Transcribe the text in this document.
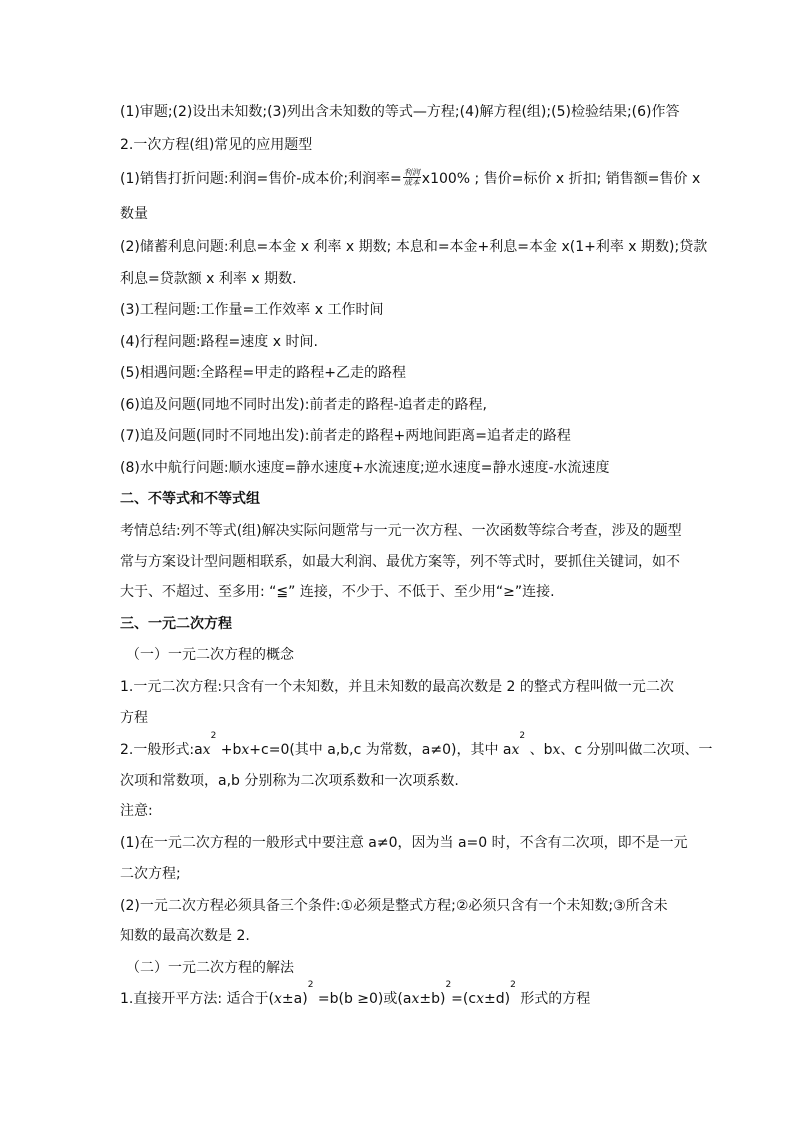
(1)审题;(2)设出未知数;(3)列出含未知数的等式—方程;(4)解方程(组);(5)检验结果;(6)作答
2.一次方程(组)常见的应用题型
(1)销售打折问题:利润=售价-成本价;利润率= $\frac{\text{利润}}{\text{成本}} x100\%$ ; 售价=标价 x 折扣; 销售额=售价 x
数量
(2)储蓄利息问题:利息=本金 x 利率 x 期数; 本息和=本金+利息=本金 x(1+利率 x 期数);贷款
利息=贷款额 x 利率 x 期数.
(3)工程问题:工作量=工作效率 x 工作时间
(4)行程问题:路程=速度 x 时间.
(5)相遇问题:全路程=甲走的路程+乙走的路程
(6)追及问题(同地不同时出发):前者走的路程-追者走的路程,
(7)追及问题(同时不同地出发):前者走的路程+两地间距离=追者走的路程
(8)水中航行问题:顺水速度=静水速度+水流速度;逆水速度=静水速度-水流速度
二、不等式和不等式组
考情总结:列不等式(组)解决实际问题常与一元一次方程、一次函数等综合考查，涉及的题型
常与方案设计型问题相联系，如最大利润、最优方案等，列不等式时，要抓住关键词，如不
大于、不超过、至多用: “≦” 连接，不少于、不低于、至少用“≥”连接.
三、一元二次方程
（一）一元二次方程的概念
1.一元二次方程:只含有一个未知数，并且未知数的最高次数是 2 的整式方程叫做一元二次
方程
2.一般形式$:ax^2 +bx+c=0$(其中 a,b,c 为常数，a≠0)，其中 $ax^2$ 、bx、c 分别叫做二次项、一
次项和常数项，a,b 分别称为二次项系数和一次项系数.
注意:
(1)在一元二次方程的一般形式中要注意 a≠0，因为当 a=0 时，不含有二次项，即不是一元
二次方程;
(2)一元二次方程必须具备三个条件:①必须是整式方程;②必须只含有一个未知数;③所含未
知数的最高次数是 2.
（二）一元二次方程的解法
1.直接开平方法: 适合于$(x\pm a)^2 =b(b \ge 0)$或$(ax\pm b)^2=(cx\pm d)^2$ 形式的方程
